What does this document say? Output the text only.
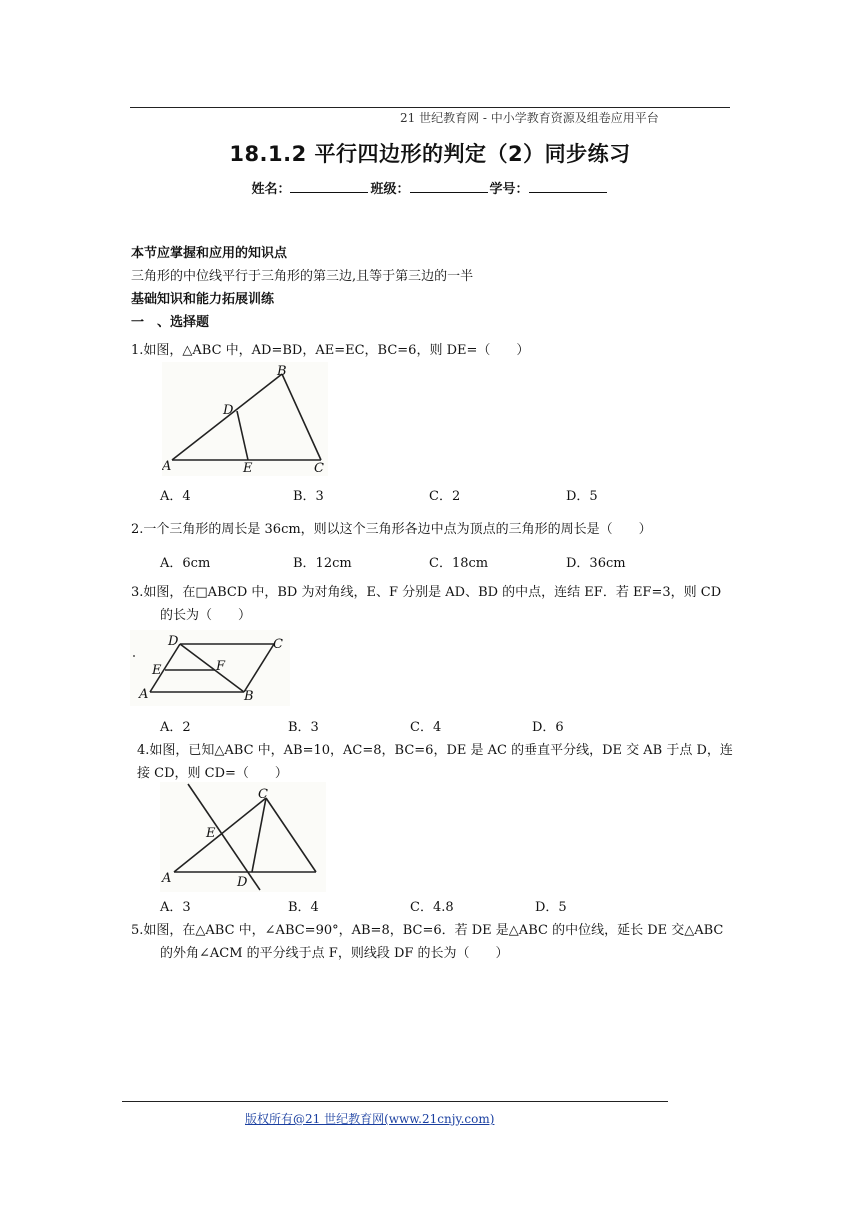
21 世纪教育网 - 中小学教育资源及组卷应用平台
18.1.2 平行四边形的判定（2）同步练习
姓名：	班级：	学号：
本节应掌握和应用的知识点
三角形的中位线平行于三角形的第三边,且等于第三边的一半
基础知识和能力拓展训练
一　、选择题
1.如图，△ABC 中，AD=BD，AE=EC，BC=6，则 DE=（　　）
B
D
A	E	C
A．4	B．3	C．2	D．5
2.一个三角形的周长是 36cm，则以这个三角形各边中点为顶点的三角形的周长是（　　）
A．6cm	B．12cm	C．18cm	D．36cm
3.如图，在□ABCD 中，BD 为对角线，E、F 分别是 AD、BD 的中点，连结 EF．若 EF=3，则 CD
的长为（　　）
D	C
E	F
A	B
A．2	B．3	C．4	D．6
4.如图，已知△ABC 中，AB=10，AC=8，BC=6，DE 是 AC 的垂直平分线，DE 交 AB 于点 D，连
接 CD，则 CD=（　　）
C
E
A	D
A．3	B．4	C．4.8	D．5
5.如图，在△ABC 中，∠ABC=90°，AB=8，BC=6．若 DE 是△ABC 的中位线，延长 DE 交△ABC
的外角∠ACM 的平分线于点 F，则线段 DF 的长为（　　）
版权所有@21 世纪教育网(www.21cnjy.com)
